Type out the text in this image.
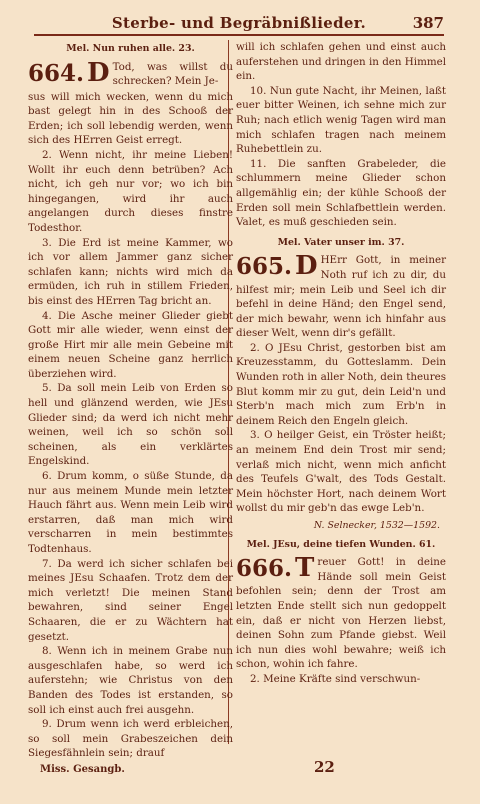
Sterbe- und Begräbnißlieder.	387
Mel. Nun ruhen alle. 23.
664. D Tod, was willst du schrecken? Mein Je-

sus will mich wecken, wenn du mich bast gelegt hin in des Schooß der Erden; ich soll lebendig werden, wenn sich des HErren Geist erregt.

2. Wenn nicht, ihr meine Lieben! Wollt ihr euch denn betrüben? Ach nicht, ich geh nur vor; wo ich bin hingegangen, wird ihr auch angelangen durch dieses finstre Todesthor.

3. Die Erd ist meine Kammer, wo ich vor allem Jammer ganz sicher schlafen kann; nichts wird mich da ermüden, ich ruh in stillem Frieden, bis einst des HErren Tag bricht an.

4. Die Asche meiner Glieder giebt Gott mir alle wieder, wenn einst der große Hirt mir alle mein Gebeine mit einem neuen Scheine ganz herrlich überziehen wird.

5. Da soll mein Leib von Erden so hell und glänzend werden, wie JEsu Glieder sind; da werd ich nicht mehr weinen, weil ich so schön soll scheinen, als ein verklärtes Engelskind.

6. Drum komm, o süße Stunde, da nur aus meinem Munde mein letzter Hauch fährt aus. Wenn mein Leib wird erstarren, daß man mich wird verscharren in mein bestimmtes Todtenhaus.

7. Da werd ich sicher schlafen bei meines JEsu Schaafen. Trotz dem der mich verletzt! Die meinen Stand bewahren, sind seiner Engel Schaaren, die er zu Wächtern hat gesetzt.

8. Wenn ich in meinem Grabe nun ausgeschlafen habe, so werd ich auferstehn; wie Christus von den Banden des Todes ist erstanden, so soll ich einst auch frei ausgehn.

9. Drum wenn ich werd erbleichen, so soll mein Grabeszeichen dein Siegesfähnlein sein; drauf

will ich schlafen gehen und einst auch auferstehen und dringen in den Himmel ein.

10. Nun gute Nacht, ihr Meinen, laßt euer bitter Weinen, ich sehne mich zur Ruh; nach etlich wenig Tagen wird man mich schlafen tragen nach meinem Ruhebettlein zu.

11. Die sanften Grabeleder, die schlummern meine Glieder schon allgemählig ein; der kühle Schooß der Erden soll mein Schlafbettlein werden. Valet, es muß geschieden sein.

Mel. Vater unser im. 37.
665. D HErr Gott, in meiner Noth ruf ich zu dir, du hilfest mir; mein Leib und Seel ich dir befehl in deine Händ; den Engel send, der mich bewahr, wenn ich hinfahr aus dieser Welt, wenn dir's gefällt.

2. O JEsu Christ, gestorben bist am Kreuzesstamm, du Gotteslamm. Dein Wunden roth in aller Noth, dein theures Blut komm mir zu gut, dein Leid'n und Sterb'n mach mich zum Erb'n in deinem Reich den Engeln gleich.

3. O heilger Geist, ein Tröster heißt; an meinem End dein Trost mir send; verlaß mich nicht, wenn mich anficht des Teufels G'walt, des Tods Gestalt. Mein höchster Hort, nach deinem Wort wollst du mir geb'n das ewge Leb'n.

N. Selnecker, 1532—1592.
Mel. JEsu, deine tiefen Wunden. 61.
666. T reuer Gott! in deine Hände soll mein Geist befohlen sein; denn der Trost am letzten Ende stellt sich nun gedoppelt ein, daß er nicht von Herzen liebst, deinen Sohn zum Pfande giebst. Weil ich nun dies wohl bewahre; weiß ich schon, wohin ich fahre.

2. Meine Kräfte sind verschwun-

Miss. Gesangb.	22
